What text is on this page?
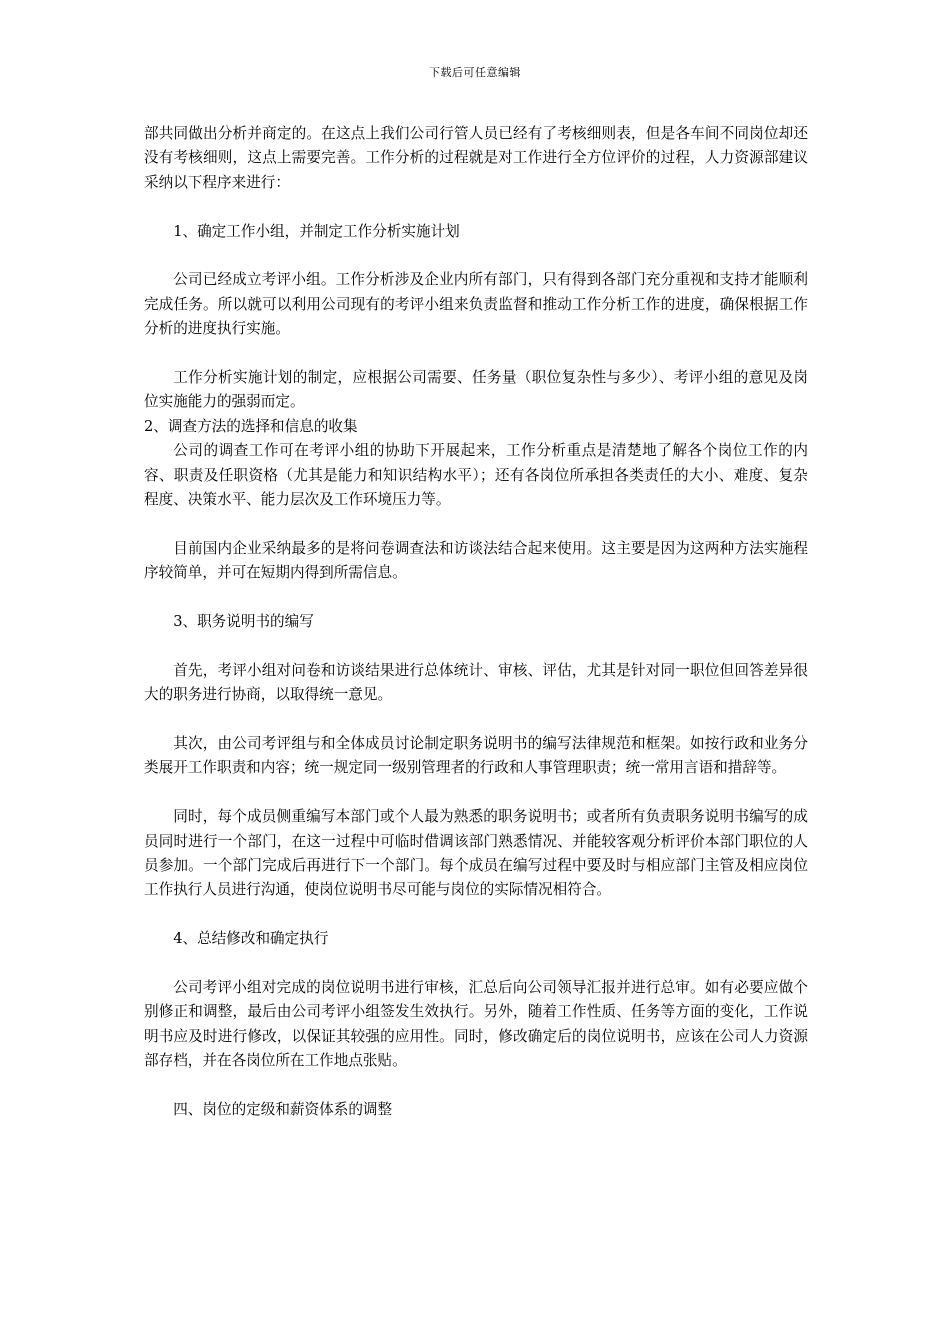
下载后可任意编辑

部共同做出分析并商定的。在这点上我们公司行管人员已经有了考核细则表，但是各车间不同岗位却还没有考核细则，这点上需要完善。工作分析的过程就是对工作进行全方位评价的过程，人力资源部建议采纳以下程序来进行：

1、确定工作小组，并制定工作分析实施计划

公司已经成立考评小组。工作分析涉及企业内所有部门，只有得到各部门充分重视和支持才能顺利完成任务。所以就可以利用公司现有的考评小组来负责监督和推动工作分析工作的进度，确保根据工作分析的进度执行实施。

工作分析实施计划的制定，应根据公司需要、任务量（职位复杂性与多少）、考评小组的意见及岗位实施能力的强弱而定。

2、调查方法的选择和信息的收集

公司的调查工作可在考评小组的协助下开展起来，工作分析重点是清楚地了解各个岗位工作的内容、职责及任职资格（尤其是能力和知识结构水平）；还有各岗位所承担各类责任的大小、难度、复杂程度、决策水平、能力层次及工作环境压力等。

目前国内企业采纳最多的是将问卷调查法和访谈法结合起来使用。这主要是因为这两种方法实施程序较简单，并可在短期内得到所需信息。

3、职务说明书的编写

首先，考评小组对问卷和访谈结果进行总体统计、审核、评估，尤其是针对同一职位但回答差异很大的职务进行协商，以取得统一意见。

其次，由公司考评组与和全体成员讨论制定职务说明书的编写法律规范和框架。如按行政和业务分类展开工作职责和内容；统一规定同一级别管理者的行政和人事管理职责；统一常用言语和措辞等。

同时，每个成员侧重编写本部门或个人最为熟悉的职务说明书；或者所有负责职务说明书编写的成员同时进行一个部门，在这一过程中可临时借调该部门熟悉情况、并能较客观分析评价本部门职位的人员参加。一个部门完成后再进行下一个部门。每个成员在编写过程中要及时与相应部门主管及相应岗位工作执行人员进行沟通，使岗位说明书尽可能与岗位的实际情况相符合。

4、总结修改和确定执行

公司考评小组对完成的岗位说明书进行审核，汇总后向公司领导汇报并进行总审。如有必要应做个别修正和调整，最后由公司考评小组签发生效执行。另外，随着工作性质、任务等方面的变化，工作说明书应及时进行修改，以保证其较强的应用性。同时，修改确定后的岗位说明书，应该在公司人力资源部存档，并在各岗位所在工作地点张贴。

四、岗位的定级和薪资体系的调整
